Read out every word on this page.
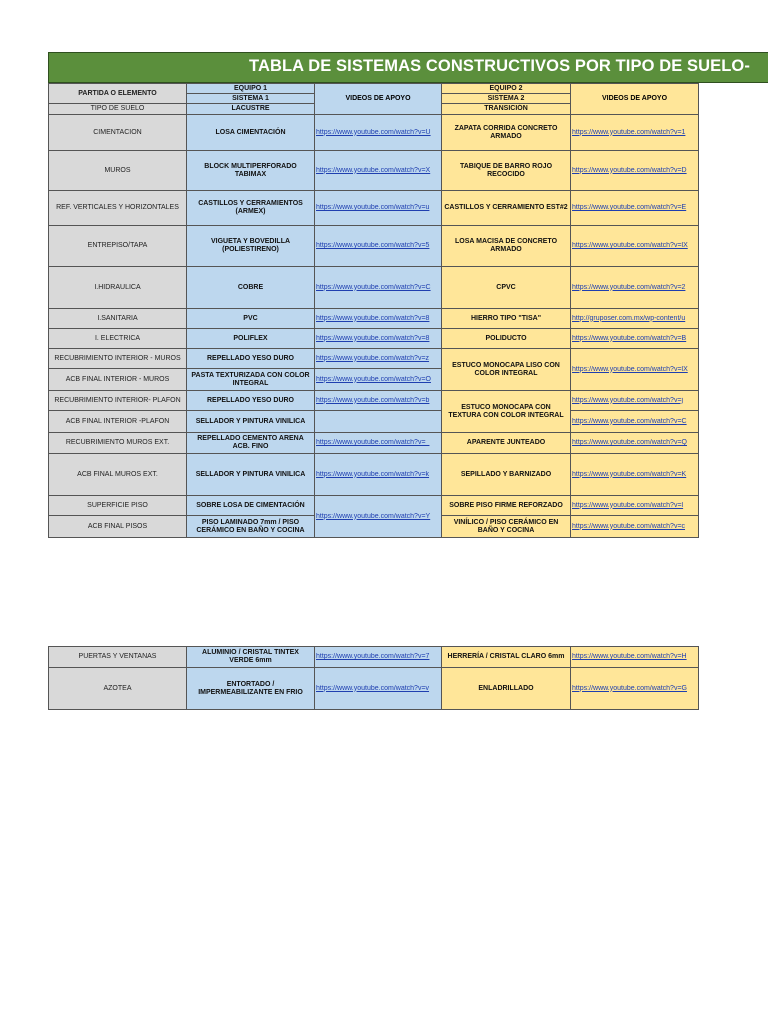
TABLA DE SISTEMAS CONSTRUCTIVOS POR TIPO DE SUELO-
PARTIDA O ELEMENTO	EQUIPO 1	VIDEOS DE APOYO	EQUIPO 2	VIDEOS DE APOYO
	SISTEMA 1		SISTEMA 2	
TIPO DE SUELO	LACUSTRE		TRANSICIÓN	
CIMENTACION	LOSA CIMENTACIÓN	https://www.youtube.com/watch?v=U	ZAPATA CORRIDA CONCRETO ARMADO	https://www.youtube.com/watch?v=1

MUROS	BLOCK MULTIPERFORADO TABIMAX	https://www.youtube.com/watch?v=X	TABIQUE DE BARRO ROJO RECOCIDO	https://www.youtube.com/watch?v=D

REF. VERTICALES Y HORIZONTALES	CASTILLOS Y CERRAMIENTOS (ARMEX)	https://www.youtube.com/watch?v=u	CASTILLOS Y CERRAMIENTO EST#2	https://www.youtube.com/watch?v=E

ENTREPISO/TAPA	VIGUETA Y BOVEDILLA (POLIESTIRENO)	https://www.youtube.com/watch?v=5	LOSA MACISA DE CONCRETO ARMADO	https://www.youtube.com/watch?v=lX

I.HIDRAULICA	COBRE	https://www.youtube.com/watch?v=C	CPVC	https://www.youtube.com/watch?v=2

I.SANITARIA	PVC	https://www.youtube.com/watch?v=8	HIERRO TIPO "TISA"	http://gruposer.com.mx/wp-content/u

I. ELECTRICA	POLIFLEX	https://www.youtube.com/watch?v=8	POLIDUCTO	https://www.youtube.com/watch?v=B

RECUBRIMIENTO INTERIOR - MUROS	REPELLADO YESO DURO	https://www.youtube.com/watch?v=z	ESTUCO MONOCAPA LISO CON COLOR INTEGRAL	https://www.youtube.com/watch?v=lX

ACB FINAL INTERIOR - MUROS	PASTA TEXTURIZADA CON COLOR INTEGRAL	https://www.youtube.com/watch?v=O		

RECUBRIMIENTO INTERIOR- PLAFON	REPELLADO YESO DURO	https://www.youtube.com/watch?v=b	ESTUCO MONOCAPA CON TEXTURA CON COLOR INTEGRAL	https://www.youtube.com/watch?v=j

ACB FINAL INTERIOR -PLAFON	SELLADOR Y PINTURA VINILICA			https://www.youtube.com/watch?v=C

RECUBRIMIENTO MUROS EXT.	REPELLADO CEMENTO ARENA ACB. FINO	https://www.youtube.com/watch?v=_	APARENTE JUNTEADO	https://www.youtube.com/watch?v=Q

ACB FINAL MUROS EXT.	SELLADOR Y PINTURA VINILICA	https://www.youtube.com/watch?v=k	SEPILLADO Y BARNIZADO	https://www.youtube.com/watch?v=K

SUPERFICIE PISO	SOBRE LOSA DE CIMENTACIÓN	https://www.youtube.com/watch?v=Y	SOBRE PISO FIRME REFORZADO	https://www.youtube.com/watch?v=l

ACB FINAL PISOS	PISO LAMINADO 7mm / PISO CERÁMICO EN BAÑO Y COCINA		VINÍLICO / PISO CERÁMICO EN BAÑO Y COCINA	https://www.youtube.com/watch?v=c
PUERTAS Y VENTANAS	ALUMINIO / CRISTAL TINTEX VERDE 6mm	https://www.youtube.com/watch?v=7	HERRERÍA / CRISTAL CLARO 6mm	https://www.youtube.com/watch?v=H

AZOTEA	ENTORTADO / IMPERMEABILIZANTE EN FRIO	https://www.youtube.com/watch?v=v	ENLADRILLADO	https://www.youtube.com/watch?v=G
